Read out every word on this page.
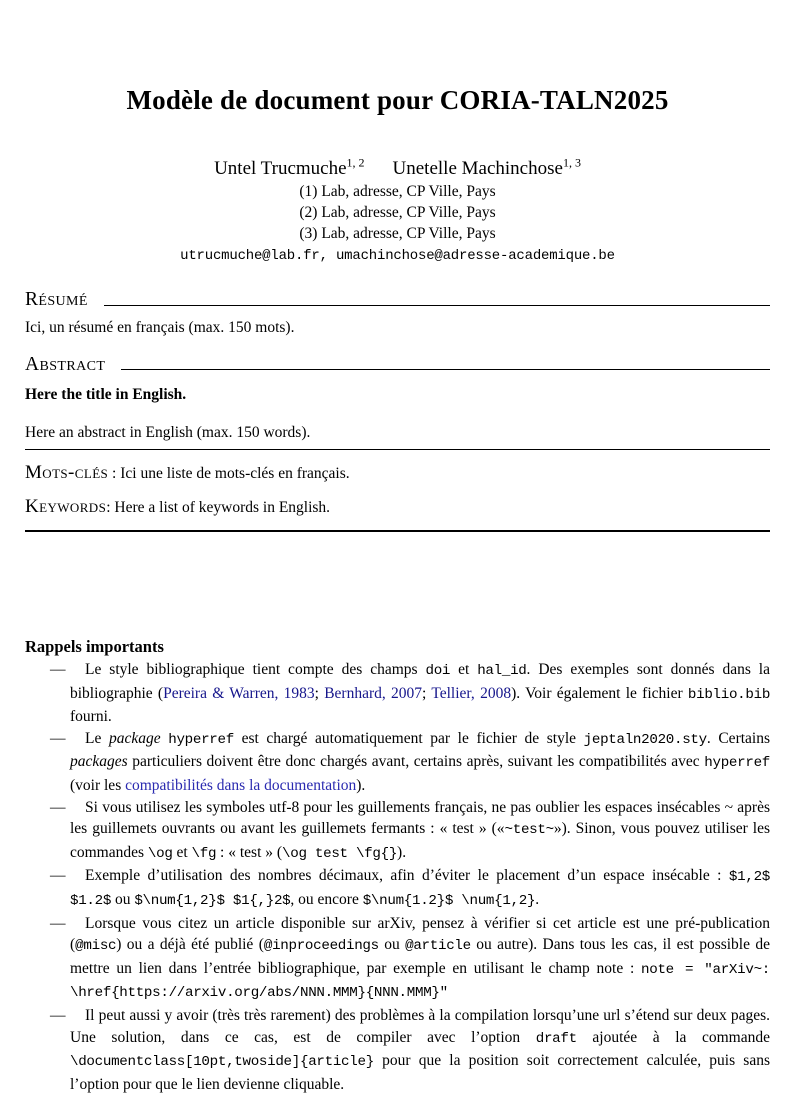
Modèle de document pour CORIA-TALN2025
Untel Trucmuche$^{1, 2}$ Unetelle Machinchose$^{1, 3}$
(1) Lab, adresse, CP Ville, Pays
(2) Lab, adresse, CP Ville, Pays
(3) Lab, adresse, CP Ville, Pays
utrucmuche@lab.fr, umachinchose@adresse-academique.be
Résumé

Ici, un résumé en français (max. 150 mots).

Abstract

Here the title in English.

Here an abstract in English (max. 150 words).

Mots-clés : Ici une liste de mots-clés en français.

Keywords: Here a list of keywords in English.

Rappels importants
— Le style bibliographique tient compte des champs doi et hal_id. Des exemples sont donnés dans la bibliographie (Pereira & Warren, 1983; Bernhard, 2007; Tellier, 2008). Voir également le fichier biblio.bib fourni.
— Le package hyperref est chargé automatiquement par le fichier de style jeptaln2020.sty. Certains packages particuliers doivent être donc chargés avant, certains après, suivant les compatibilités avec hyperref (voir les compatibilités dans la documentation).
— Si vous utilisez les symboles utf-8 pour les guillements français, ne pas oublier les espaces insécables ~ après les guillemets ouvrants ou avant les guillemets fermants : « test » («~test~»). Sinon, vous pouvez utiliser les commandes \og et \fg : « test » (\og test \fg{}).
— Exemple d’utilisation des nombres décimaux, afin d’éviter le placement d’un espace insécable : $1,2$ $1.2$ ou $\num{1,2}$ $1{,}2$, ou encore $\num{1.2}$ \num{1,2}.
— Lorsque vous citez un article disponible sur arXiv, pensez à vérifier si cet article est une pré-publication (@misc) ou a déjà été publié (@inproceedings ou @article ou autre). Dans tous les cas, il est possible de mettre un lien dans l’entrée bibliographique, par exemple en utilisant le champ note : note = "arXiv~: \href{https://arxiv.org/abs/NNN.MMM}{NNN.MMM}"
— Il peut aussi y avoir (très très rarement) des problèmes à la compilation lorsqu’une url s’étend sur deux pages. Une solution, dans ce cas, est de compiler avec l’option draft ajoutée à la commande \documentclass[10pt,twoside]{article} pour que la position soit correctement calculée, puis sans l’option pour que le lien devienne cliquable.
